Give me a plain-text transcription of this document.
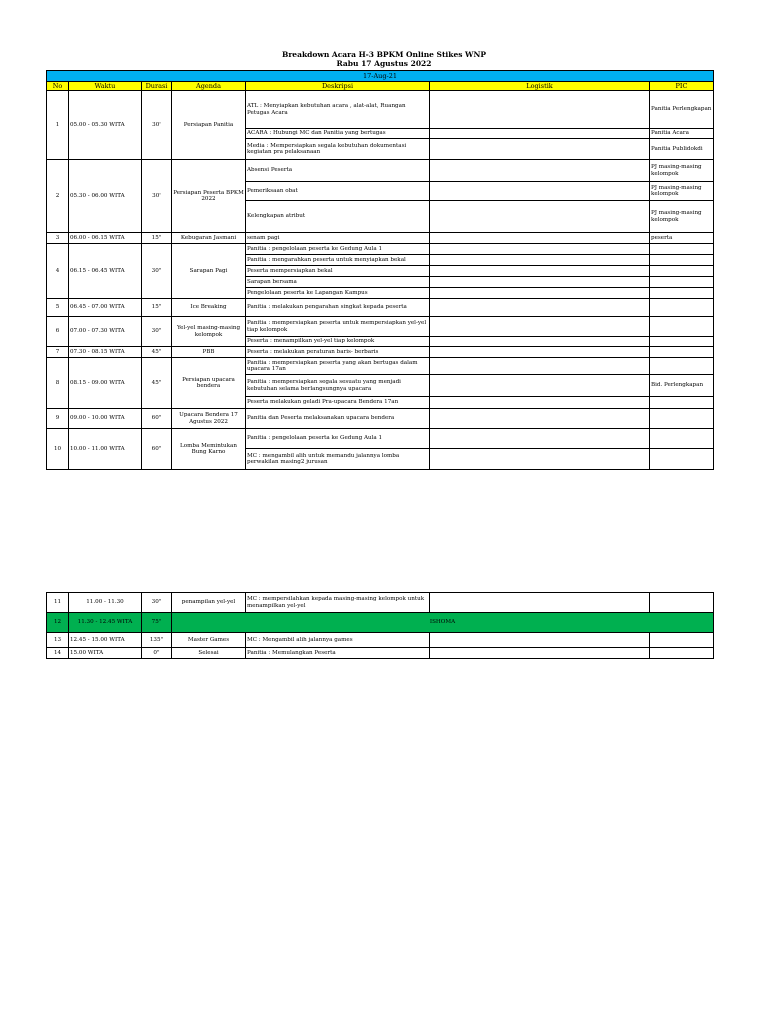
Breakdown Acara H-3 BPKM Online Stikes WNP
Rabu 17 Agustus 2022
17-Aug-21						
No	Waktu	Durasi	Agenda	Deskripsi	Logistik	PIC
1	05.00 - 05.30 WITA	30'	Persiapan Panitia	ATL : Menyiapkan kebutuhan acara , alat-alat, Ruangan Petugas Acara		Panitia Perlengkapan
				ACARA : Hubungi MC dan Panitia yang bertugas		Panitia Acara
				Media : Mempersiapkan segala kebutuhan dokumentasi kegiatan pra pelaksanaan		Panitia Publidokdi
2	05.30 - 06.00 WITA	30'	Persiapan Peserta BPKM 2022	Absensi Peserta		PJ masing-masing kelompok
				Pemeriksaan obat		PJ masing-masing kelompok
				Kelengkapan atribut		PJ masing-masing kelompok
3	06.00 - 06.15 WITA	15"	Kebugaran Jasmani	senam pagi		peserta
4	06.15 - 06.45 WITA	30"	Sarapan Pagi	Panitia : pengelolaan peserta ke Gedung Aula 1		
				Panitia : mengarahkan peserta untuk menyiapkan bekal		
				Peserta mempersiapkan bekal		
				Sarapan bersama		
				Pengelolaan peserta ke Lapangan Kampus		
5	06.45 - 07.00 WITA	15"	Ice Breaking	Panitia : melakukan pengarahan singkat kepada peserta		
6	07.00 - 07.30 WITA	30"	Yel-yel masing-masing kelompok	Panitia : mempersiapkan peserta untuk mempersiapkan yel-yel tiap kelompok		
				Peserta : menampilkan yel-yel tiap kelompok		
7	07.30 - 08.15 WITA	45"	PBB	Peserta : melakukan peraturan baris- berbaris		
8	08.15 - 09.00 WITA	45"	Persiapan upacara bendera	Panitia : mempersiapkan peserta yang akan bertugas dalam upacara 17an		
				Panitia : mempersiapkan segala sesuatu yang menjadi kebutuhan selama berlangsungnya upacara		Bid. Perlengkapan
				Peserta melakukan geladi Pra-upacara Bendera 17an		
9	09.00 - 10.00 WITA	60"	Upacara Bendera 17 Agustus 2022	Panitia dan Peserta melaksanakan upacara bendera		
10	10.00 - 11.00 WITA	60"	Lomba Memintukan Bung Karno	Panitia : pengelolaan peserta ke Gedung Aula 1		
				MC : mengambil alih untuk memandu jalannya lomba perwakilan masing2 jurusan		
11	11.00 - 11.30	30"	penampilan yel-yel	MC : mempersilahkan kepada masing-masing kelompok untuk menampilkan yel-yel		
12	11.30 - 12.45 WITA	75"	ISHOMA			
13	12.45 - 15.00 WITA	135"	Master Games	MC : Mengambil alih jalannya games		
14	15.00 WITA	0"	Selesai	Panitia : Memulangkan Peserta		
